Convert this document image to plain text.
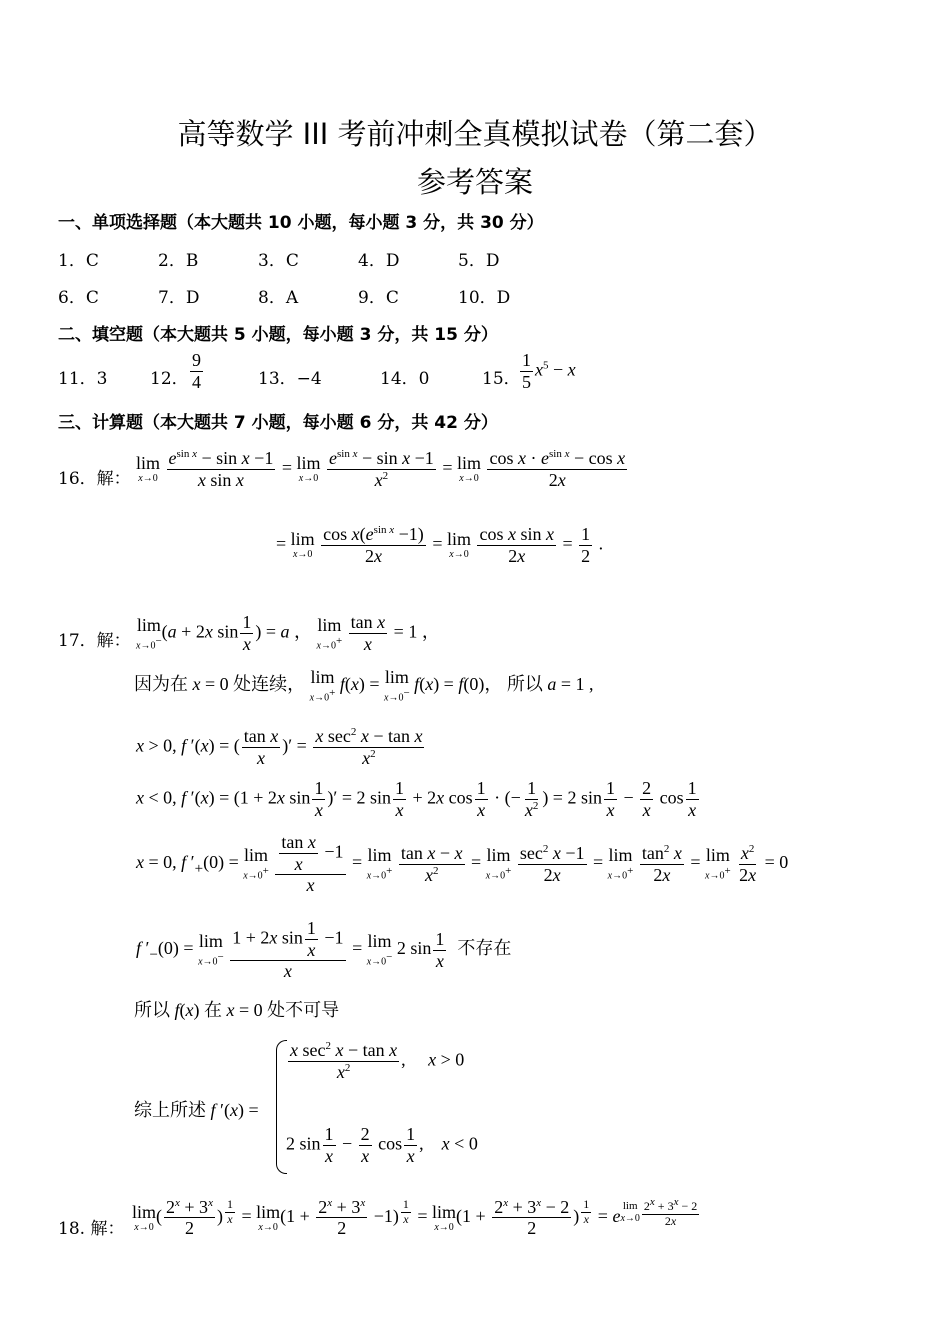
高等数学 III 考前冲刺全真模拟试卷（第二套）
参考答案
一、单项选择题（本大题共 10 小题，每小题 3 分，共 30 分）
1．C	2．B	3．C	4．D	5．D
6．C	7．D	8．A	9．C	10．D
二、填空题（本大题共 5 小题，每小题 3 分，共 15 分）
11．3	12． $\frac{9}{4}$	13．−4	14．0	15． $\frac{1}{5} x^5 - x$
三、计算题（本大题共 7 小题，每小题 6 分，共 42 分）
16．解：
lim
x→0
$\frac{e^{sin x} - \sin x -1}{\text{x sin x}} = \lim$
x→0
$\frac{e^{sin x} - \sin x -1}{x^2} = \lim$
x→0
$\frac{\cos x \cdot e^{sin x} - \cos x}{2x}$
= lim
x→0
$\frac{\cos x(e^{sin x} -1)}{2x} = \lim$
x→0
$\frac{\text{cos x sin x}}{2x} = \frac{1}{2}$ .
17．解：
lim
x→0− (a + 2x $\sin \frac{1}{x}$ ) = a ， lim
x→0+
$\frac{\text{tan x}}{x} = 1$ ，
因为在 x = 0 处连续， lim
x→0+ f(x) = lim
x→0− f(x) = f(0)， 所以 a = 1 ,
x > 0, f ′(x) = ( $\frac{\text{tan x}}{x}$ )′ = $\frac{x \sec^2 x - \tan x}{x^2}$
x < 0, f ′(x) = (1 + 2x $\sin \frac{1}{x}$ )′ = 2 $\sin \frac{1}{x} + 2x$ $\cos \frac{1}{x}$ · (− $\frac{1}{x^2}$ ) = 2 $\sin \frac{1}{x} - \frac{2}{x}$ $\cos \frac{1}{x}$
x = 0, f $'_+(0) = \lim$
x→0+
$\frac{\frac{\text{tan x}}{x} -1}{x} = \lim$
x→0+
$\frac{\text{tan x − x}}{x^2} = \lim$
x→0+
$\frac{\sec^2 x -1}{2x} = \lim$
x→0+
$\frac{\tan^2 x}{2x} = \lim$
x→0+
$\frac{x^2}{2x} = 0$
f $'_-(0) = \lim$
x→0−
$\frac{1 + 2x \sin \frac{1}{x} -1}{x} = \lim$
x→0− 2 $\sin \frac{1}{x}$ 不存在
所以 f(x) 在 x = 0 处不可导
综上所述 f ′(x) =
$\frac{x \sec^2 x - \tan x}{x^2}$ ,     x > 0
2 $\sin \frac{1}{x} - \frac{2}{x}$ $\cos \frac{1}{x}$ ,    x < 0
18. 解：
lim
x→0
( $\frac{2^x + 3^x}{2}$ ) $^{\frac{1}{x}}$ = lim
x→0
$(1 + \frac{2^x + 3^x}{2} -1)$ $^{\frac{1}{x}}$ = lim
x→0
($1 + \frac{2^x + 3^x - 2}{2}$ ) $^{\frac{1}{x}}$ = e
$^{lim x\to 0 \frac{2^x + 3^x - 2}{2x}}$
